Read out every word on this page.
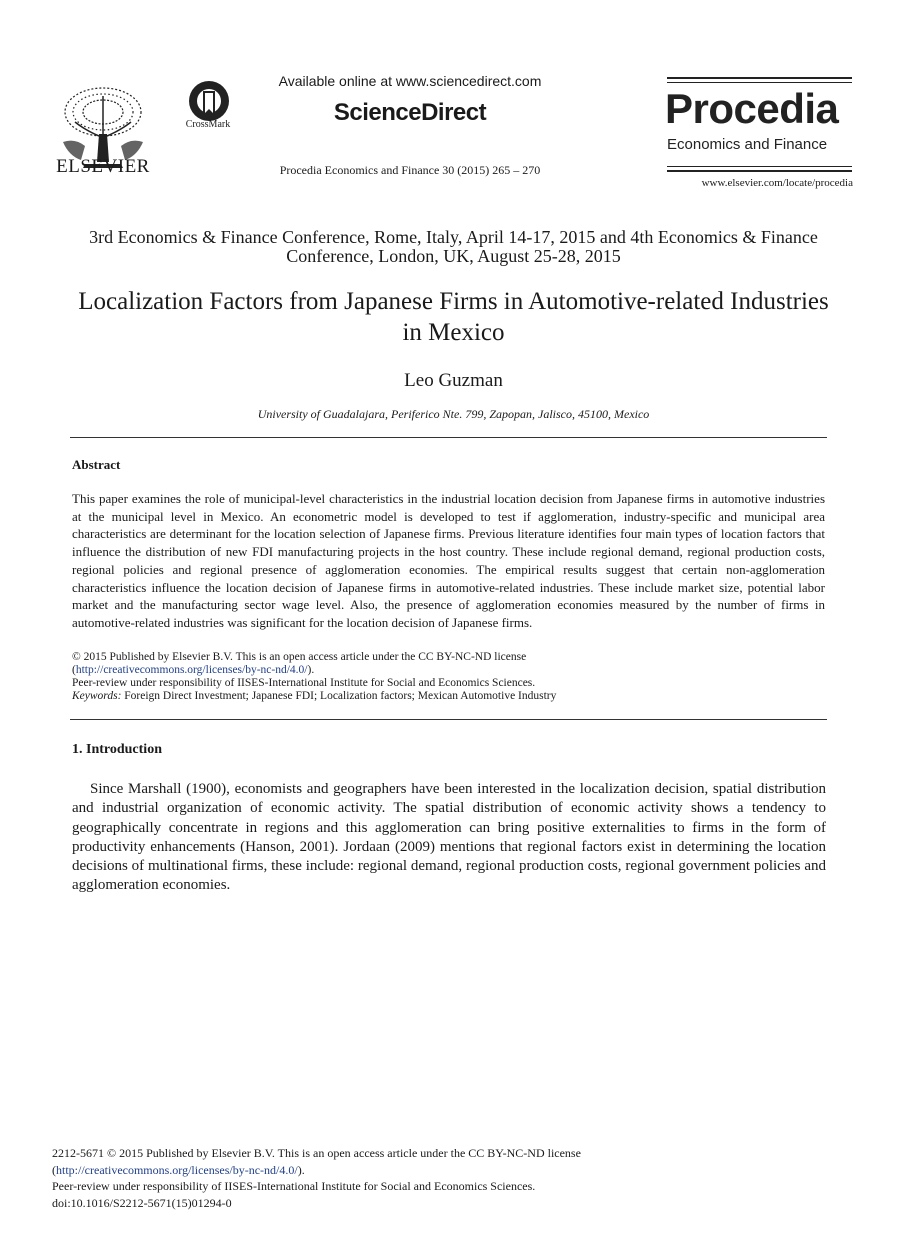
ELSEVIER
CrossMark
Available online at www.sciencedirect.com
ScienceDirect
Procedia Economics and Finance 30 (2015) 265 – 270
Procedia
Economics and Finance
www.elsevier.com/locate/procedia
3rd Economics & Finance Conference, Rome, Italy, April 14-17, 2015 and 4th Economics & Finance Conference, London, UK, August 25-28, 2015
Localization Factors from Japanese Firms in Automotive-related Industries in Mexico
Leo Guzman
University of Guadalajara, Periferico Nte. 799, Zapopan, Jalisco, 45100, Mexico
Abstract
This paper examines the role of municipal-level characteristics in the industrial location decision from Japanese firms in automotive industries at the municipal level in Mexico. An econometric model is developed to test if agglomeration, industry-specific and municipal area characteristics are determinant for the location selection of Japanese firms. Previous literature identifies four main types of location factors that influence the distribution of new FDI manufacturing projects in the host country. These include regional demand, regional production costs, regional policies and regional presence of agglomeration economies. The empirical results suggest that certain non-agglomeration characteristics influence the location decision of Japanese firms in automotive-related industries. These include market size, potential labor market and the manufacturing sector wage level. Also, the presence of agglomeration economies measured by the number of firms in automotive-related industries was significant for the location decision of Japanese firms.
© 2015 Published by Elsevier B.V. This is an open access article under the CC BY-NC-ND license
(http://creativecommons.org/licenses/by-nc-nd/4.0/).
Peer-review under responsibility of IISES-International Institute for Social and Economics Sciences.
Keywords: Foreign Direct Investment; Japanese FDI; Localization factors; Mexican Automotive Industry
1. Introduction
Since Marshall (1900), economists and geographers have been interested in the localization decision, spatial distribution and industrial organization of economic activity. The spatial distribution of economic activity shows a tendency to geographically concentrate in regions and this agglomeration can bring positive externalities to firms in the form of productivity enhancements (Hanson, 2001). Jordaan (2009) mentions that regional factors exist in determining the location decisions of multinational firms, these include: regional demand, regional production costs, regional government policies and agglomeration economies.
2212-5671 © 2015 Published by Elsevier B.V. This is an open access article under the CC BY-NC-ND license
(http://creativecommons.org/licenses/by-nc-nd/4.0/).
Peer-review under responsibility of IISES-International Institute for Social and Economics Sciences.
doi:10.1016/S2212-5671(15)01294-0
